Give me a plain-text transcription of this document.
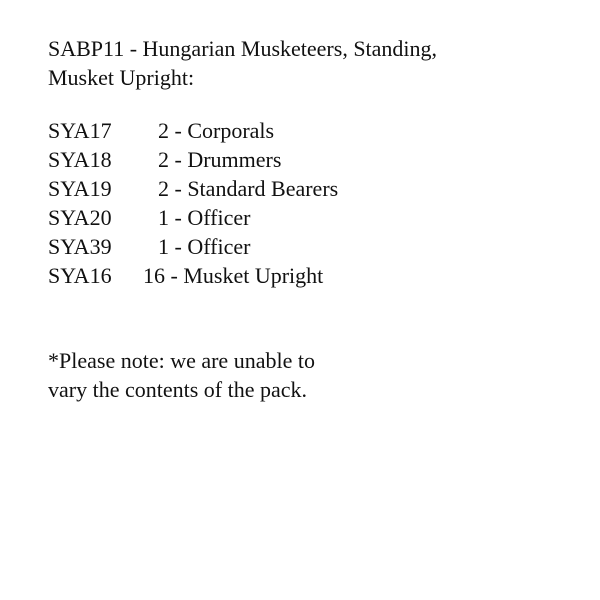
SABP11 - Hungarian Musketeers, Standing,
Musket Upright:
SYA17 2 - Corporals
SYA18 2 - Drummers
SYA19 2 - Standard Bearers
SYA20 1 - Officer
SYA39 1 - Officer
SYA16 16 - Musket Upright

*Please note: we are unable to
vary the contents of the pack.
